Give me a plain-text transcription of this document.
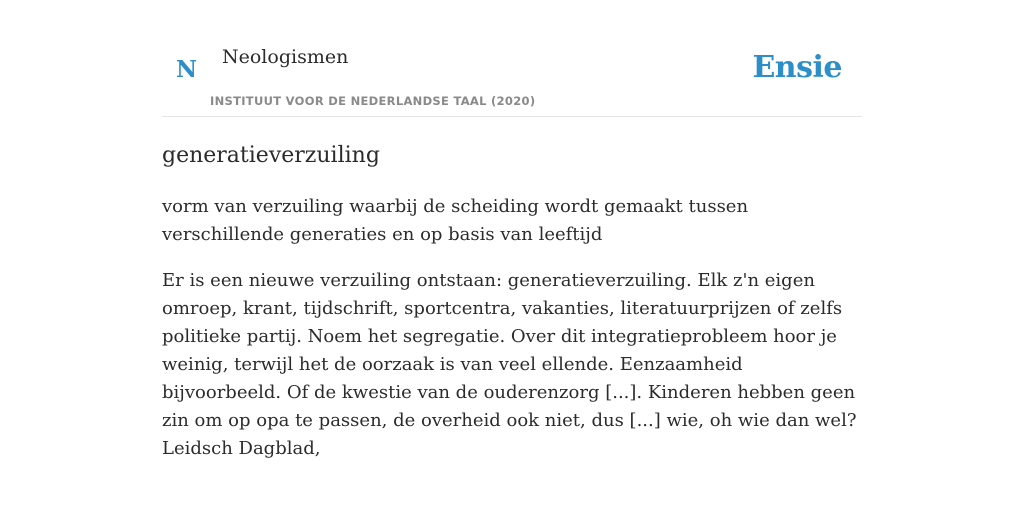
N Neologismen
INSTITUUT VOOR DE NEDERLANDSE TAAL (2020)
Ensie
generatieverzuiling

vorm van verzuiling waarbij de scheiding wordt gemaakt tussen verschillende generaties en op basis van leeftijd

Er is een nieuwe verzuiling ontstaan: generatieverzuiling. Elk z'n eigen omroep, krant, tijdschrift, sportcentra, vakanties, literatuurprijzen of zelfs politieke partij. Noem het segregatie. Over dit integratieprobleem hoor je weinig, terwijl het de oorzaak is van veel ellende. Eenzaamheid bijvoorbeeld. Of de kwestie van de ouderenzorg [...]. Kinderen hebben geen zin om op opa te passen, de overheid ook niet, dus [...] wie, oh wie dan wel?

Leidsch Dagblad,
